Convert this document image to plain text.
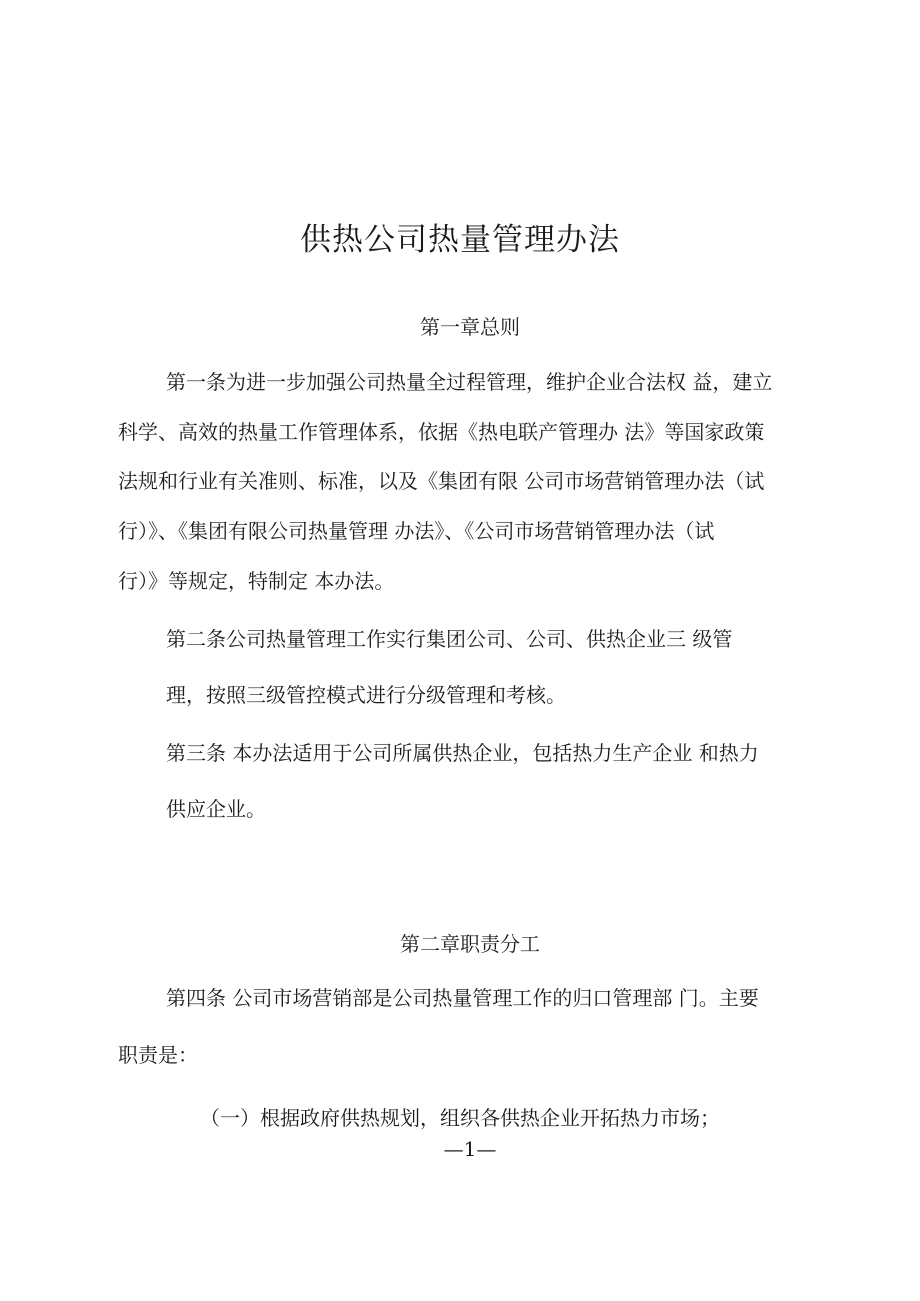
供热公司热量管理办法
第一章总则
第一条为进一步加强公司热量全过程管理，维护企业合法权 益，建立
科学、高效的热量工作管理体系，依据《热电联产管理办 法》等国家政策
法规和行业有关准则、标准，以及《集团有限 公司市场营销管理办法（试
行）》、《集团有限公司热量管理 办法》、《公司市场营销管理办法（试
行）》等规定，特制定 本办法。
第二条公司热量管理工作实行集团公司、公司、供热企业三 级管
理，按照三级管控模式进行分级管理和考核。
第三条 本办法适用于公司所属供热企业，包括热力生产企业 和热力
供应企业。
第二章职责分工
第四条 公司市场营销部是公司热量管理工作的归口管理部 门。主要
职责是：
（一）根据政府供热规划，组织各供热企业开拓热力市场；
—1—
